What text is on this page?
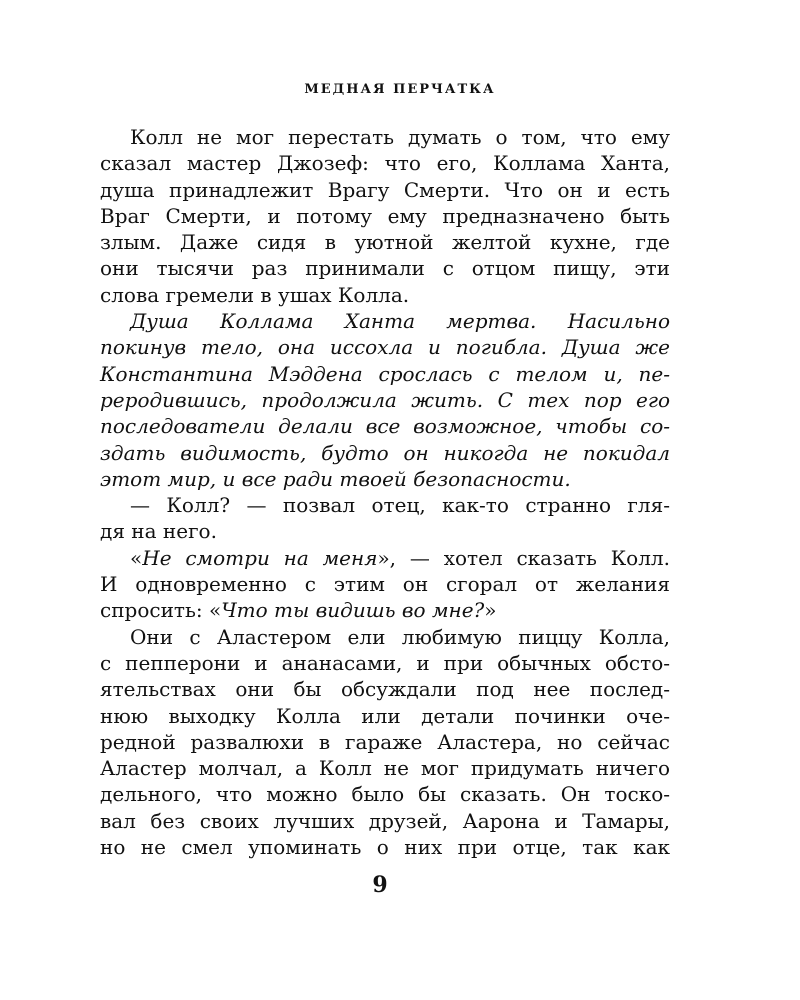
МЕДНАЯ ПЕРЧАТКА
Колл не мог перестать думать о том, что ему
сказал мастер Джозеф: что его, Коллама Ханта,
душа принадлежит Врагу Смерти. Что он и есть
Враг Смерти, и потому ему предназначено быть
злым. Даже сидя в уютной желтой кухне, где
они тысячи раз принимали с отцом пищу, эти
слова гремели в ушах Колла.
Душа Коллама Ханта мертва. Насильно
покинув тело, она иссохла и погибла. Душа же
Константина Мэддена срослась с телом и, пе-
реродившись, продолжила жить. С тех пор его
последователи делали все возможное, чтобы со-
здать видимость, будто он никогда не покидал
этот мир, и все ради твоей безопасности.
— Колл? — позвал отец, как-то странно гля-
дя на него.
«Не смотри на меня», — хотел сказать Колл.
И одновременно с этим он сгорал от желания
спросить: «Что ты видишь во мне?»
Они с Аластером ели любимую пиццу Колла,
с пепперони и ананасами, и при обычных обсто-
ятельствах они бы обсуждали под нее послед-
нюю выходку Колла или детали починки оче-
редной развалюхи в гараже Аластера, но сейчас
Аластер молчал, а Колл не мог придумать ничего
дельного, что можно было бы сказать. Он тоско-
вал без своих лучших друзей, Аарона и Тамары,
но не смел упоминать о них при отце, так как
9
